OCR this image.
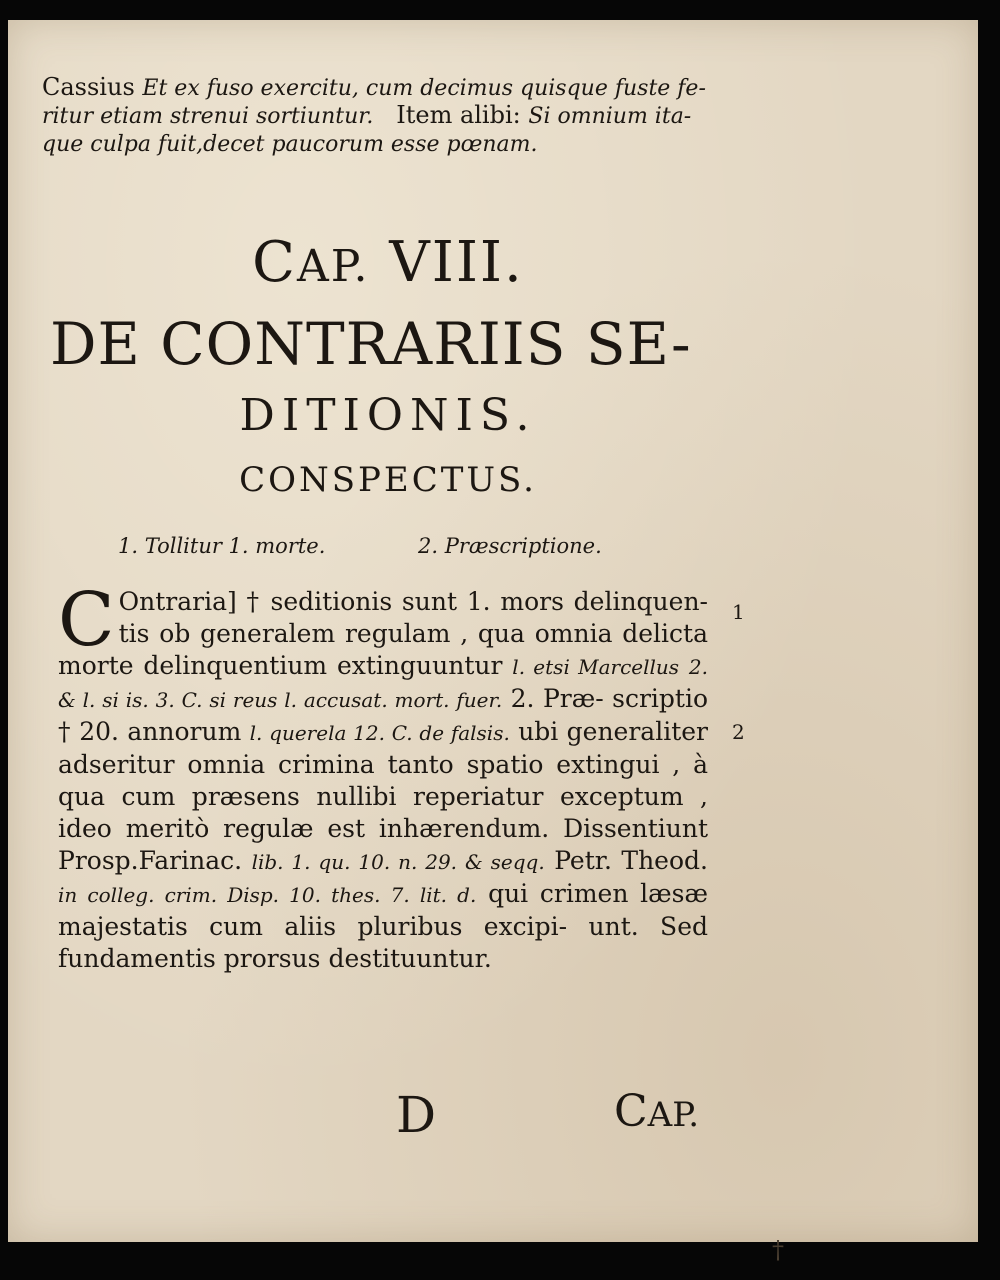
Cassius Et ex fuso exercitu, cum decimus quisque fuste fe-
ritur etiam strenui sortiuntur. Item alibi: Si omnium ita-
que culpa fuit,decet paucorum esse pœnam.
CAP. VIII.
DE CONTRARIIS SE-
DITIONIS.
CONSPECTUS.
1. Tollitur 1. morte.	2. Præscriptione.
C Ontraria] † seditionis sunt 1. mors delinquen- tis ob generalem regulam , qua omnia delicta morte delinquentium extinguuntur l. etsi Marcellus 2. & l. si is. 3. C. si reus l. accusat. mort. fuer. 2. Præ- scriptio † 20. annorum l. querela 12. C. de falsis. ubi generaliter adseritur omnia crimina tanto spatio extingui , à qua cum præsens nullibi reperiatur exceptum , ideo meritò regulæ est inhærendum. Dissentiunt Prosp.Farinac. lib. 1. qu. 10. n. 29. & seqq. Petr. Theod. in colleg. crim. Disp. 10. thes. 7. lit. d. qui crimen læsæ majestatis cum aliis pluribus excipi- unt. Sed fundamentis prorsus destituuntur.
1
2
D	CAP.
†
